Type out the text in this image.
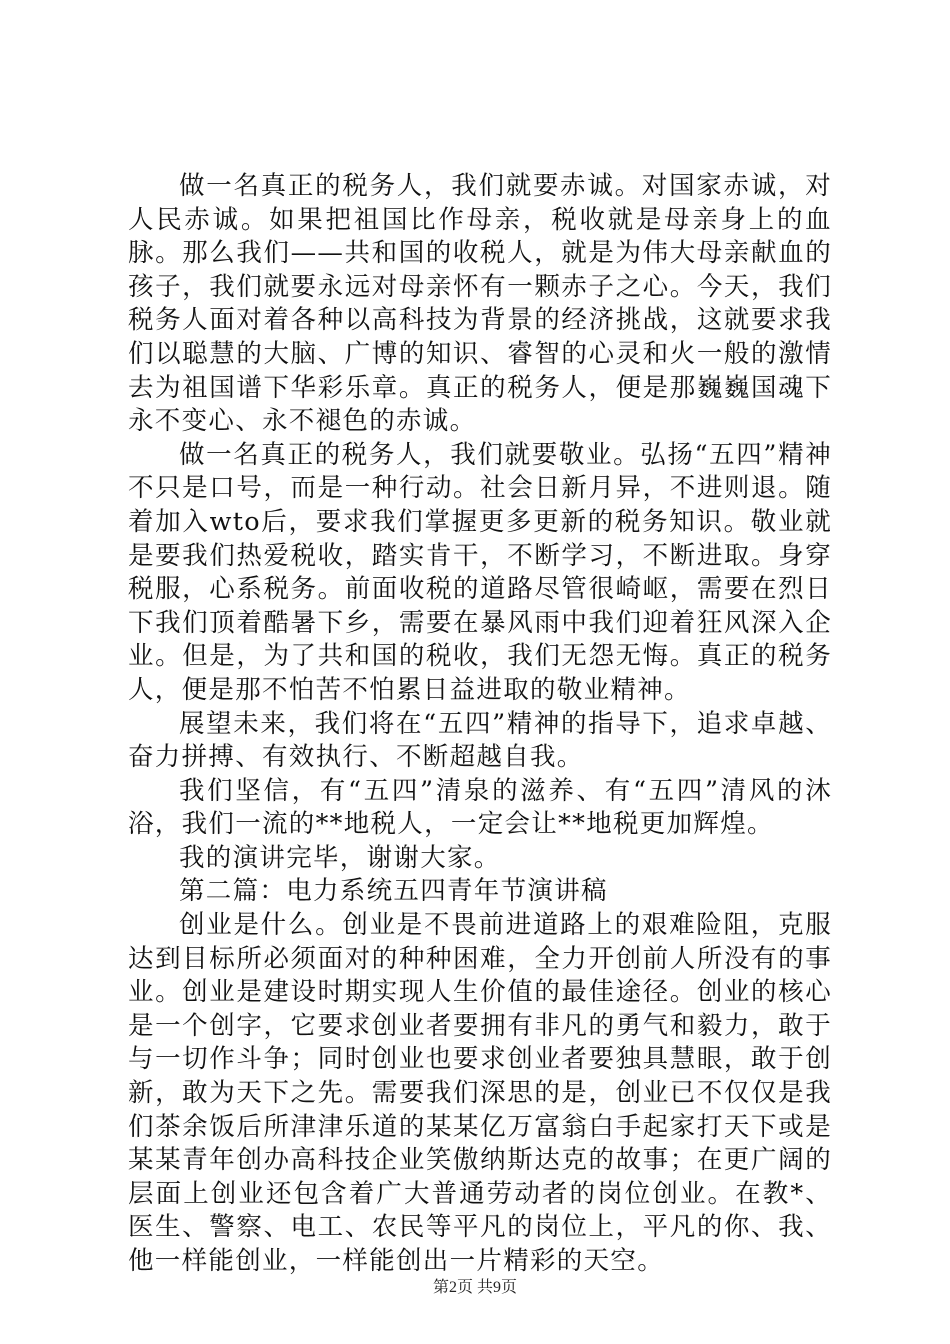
做一名真正的税务人，我们就要赤诚。对国家赤诚，对人民赤诚。如果把祖国比作母亲，税收就是母亲身上的血脉。那么我们——共和国的收税人，就是为伟大母亲献血的孩子，我们就要永远对母亲怀有一颗赤子之心。今天，我们税务人面对着各种以高科技为背景的经济挑战，这就要求我们以聪慧的大脑、广博的知识、睿智的心灵和火一般的激情去为祖国谱下华彩乐章。真正的税务人，便是那巍巍国魂下永不变心、永不褪色的赤诚。

做一名真正的税务人，我们就要敬业。弘扬“五四”精神不只是口号，而是一种行动。社会日新月异，不进则退。随着加入wto后，要求我们掌握更多更新的税务知识。敬业就是要我们热爱税收，踏实肯干，不断学习，不断进取。身穿税服，心系税务。前面收税的道路尽管很崎岖，需要在烈日下我们顶着酷暑下乡，需要在暴风雨中我们迎着狂风深入企业。但是，为了共和国的税收，我们无怨无悔。真正的税务人，便是那不怕苦不怕累日益进取的敬业精神。

展望未来，我们将在“五四”精神的指导下，追求卓越、奋力拼搏、有效执行、不断超越自我。

我们坚信，有“五四”清泉的滋养、有“五四”清风的沐浴，我们一流的**地税人，一定会让**地税更加辉煌。

我的演讲完毕，谢谢大家。

第二篇：电力系统五四青年节演讲稿

创业是什么。创业是不畏前进道路上的艰难险阻，克服达到目标所必须面对的种种困难，全力开创前人所没有的事业。创业是建设时期实现人生价值的最佳途径。创业的核心是一个创字，它要求创业者要拥有非凡的勇气和毅力，敢于与一切作斗争；同时创业也要求创业者要独具慧眼，敢于创新，敢为天下之先。需要我们深思的是，创业已不仅仅是我们茶余饭后所津津乐道的某某亿万富翁白手起家打天下或是某某青年创办高科技企业笑傲纳斯达克的故事；在更广阔的层面上创业还包含着广大普通劳动者的岗位创业。在教*、医生、警察、电工、农民等平凡的岗位上，平凡的你、我、他一样能创业，一样能创出一片精彩的天空。

第2页 共9页
